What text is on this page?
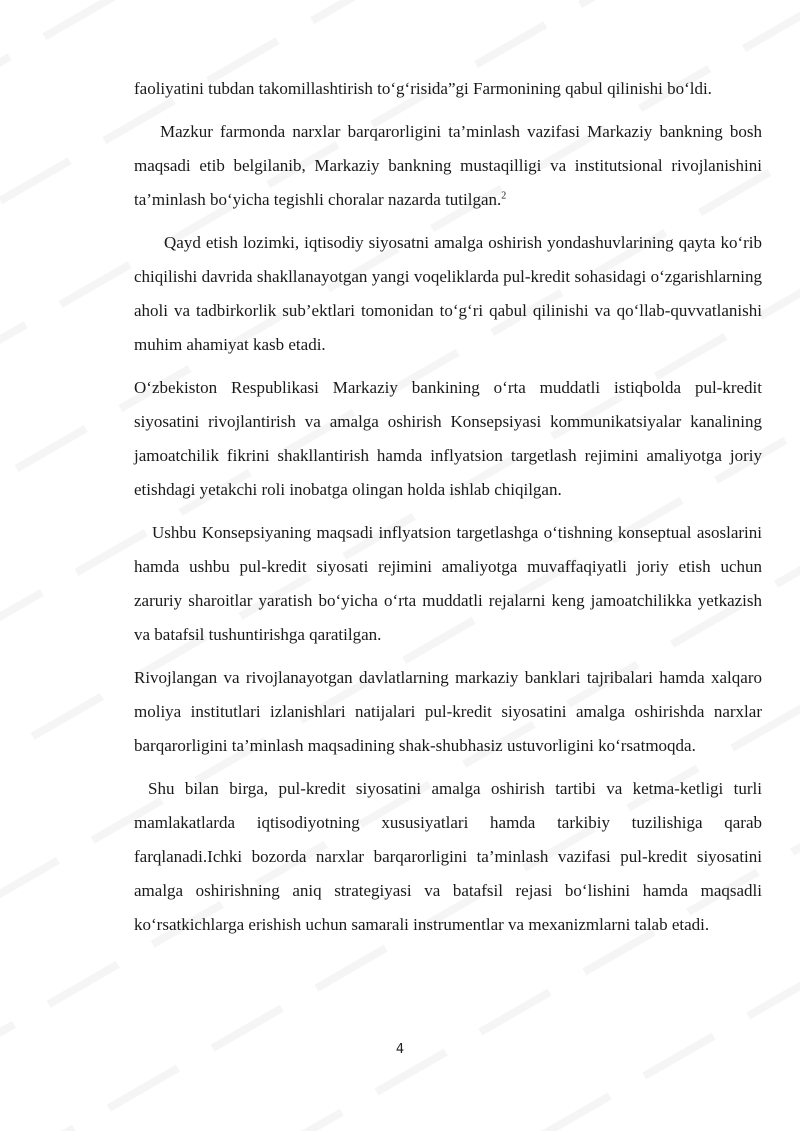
faoliyatini tubdan takomillashtirish to‘g‘risida”gi Farmonining qabul qilinishi bo‘ldi.

Mazkur farmonda narxlar barqarorligini ta’minlash vazifasi Markaziy bankning bosh maqsadi etib belgilanib, Markaziy bankning mustaqilligi va institutsional rivojlanishini ta’minlash bo‘yicha tegishli choralar nazarda tutilgan.$^2$

Qayd etish lozimki, iqtisodiy siyosatni amalga oshirish yondashuvlarining qayta ko‘rib chiqilishi davrida shakllanayotgan yangi voqeliklarda pul-kredit sohasidagi o‘zgarishlarning aholi va tadbirkorlik sub’ektlari tomonidan to‘g‘ri qabul qilinishi va qo‘llab-quvvatlanishi muhim ahamiyat kasb etadi.

O‘zbekiston Respublikasi Markaziy bankining o‘rta muddatli istiqbolda pul-kredit siyosatini rivojlantirish va amalga oshirish Konsepsiyasi kommunikatsiyalar kanalining jamoatchilik fikrini shakllantirish hamda inflyatsion targetlash rejimini amaliyotga joriy etishdagi yetakchi roli inobatga olingan holda ishlab chiqilgan.

Ushbu Konsepsiyaning maqsadi inflyatsion targetlashga o‘tishning konseptual asoslarini hamda ushbu pul-kredit siyosati rejimini amaliyotga muvaffaqiyatli joriy etish uchun zaruriy sharoitlar yaratish bo‘yicha o‘rta muddatli rejalarni keng jamoatchilikka yetkazish va batafsil tushuntirishga qaratilgan.

Rivojlangan va rivojlanayotgan davlatlarning markaziy banklari tajribalari hamda xalqaro moliya institutlari izlanishlari natijalari pul-kredit siyosatini amalga oshirishda narxlar barqarorligini ta’minlash maqsadining shak-shubhasiz ustuvorligini ko‘rsatmoqda.

Shu bilan birga, pul-kredit siyosatini amalga oshirish tartibi va ketma-ketligi turli mamlakatlarda iqtisodiyotning xususiyatlari hamda tarkibiy tuzilishiga qarab farqlanadi.Ichki bozorda narxlar barqarorligini ta’minlash vazifasi pul-kredit siyosatini amalga oshirishning aniq strategiyasi va batafsil rejasi bo‘lishini hamda maqsadli ko‘rsatkichlarga erishish uchun samarali instrumentlar va mexanizmlarni talab etadi.

4
